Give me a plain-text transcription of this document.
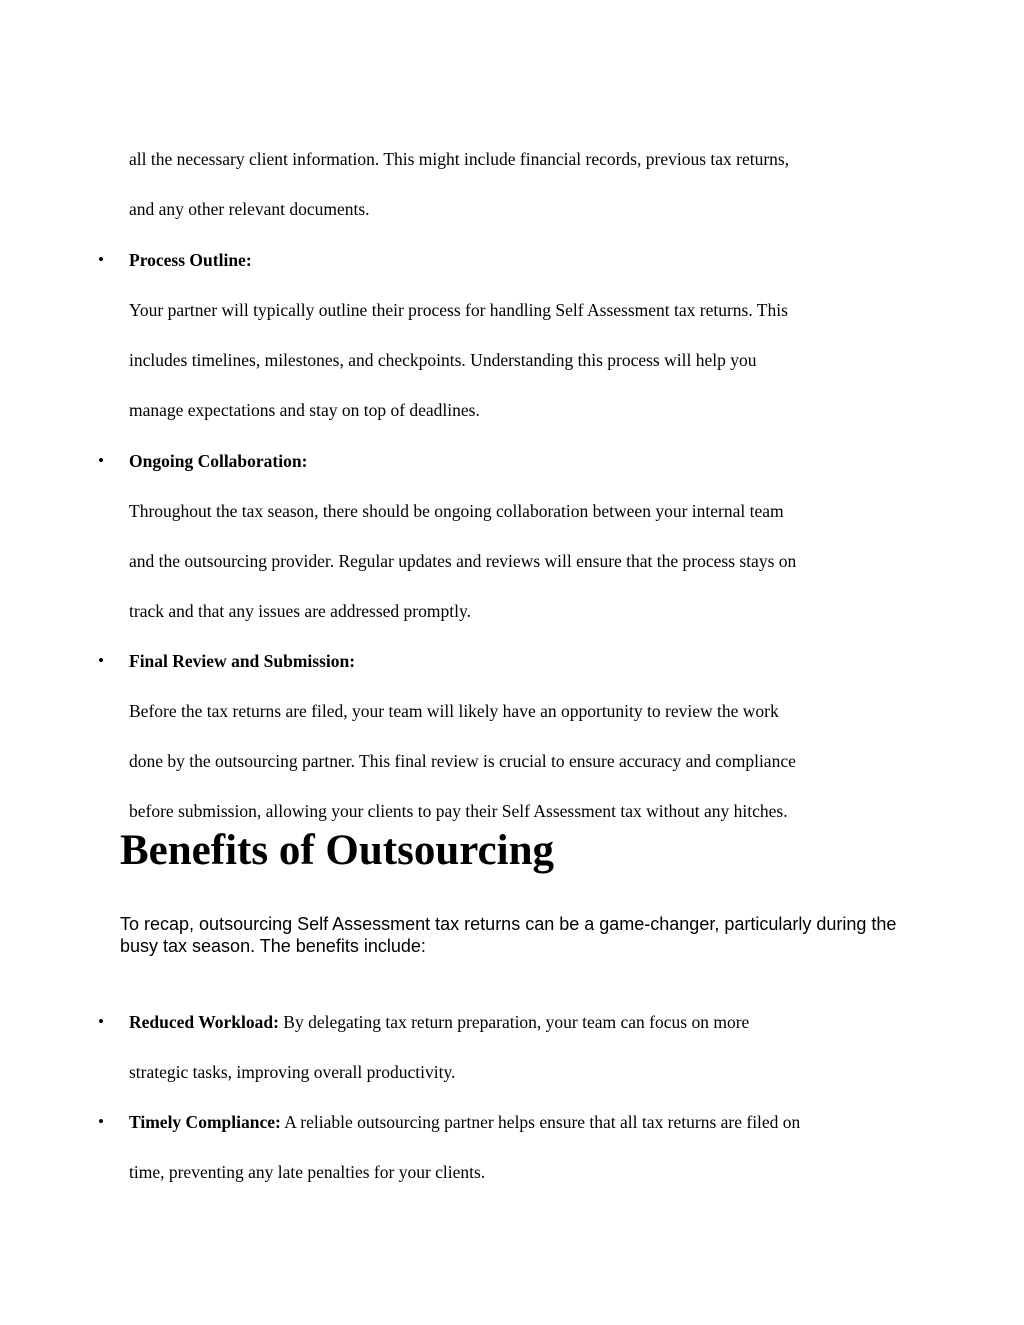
all the necessary client information. This might include financial records, previous tax returns,
and any other relevant documents.
• Process Outline:
Your partner will typically outline their process for handling Self Assessment tax returns. This
includes timelines, milestones, and checkpoints. Understanding this process will help you
manage expectations and stay on top of deadlines.
• Ongoing Collaboration:
Throughout the tax season, there should be ongoing collaboration between your internal team
and the outsourcing provider. Regular updates and reviews will ensure that the process stays on
track and that any issues are addressed promptly.
• Final Review and Submission:
Before the tax returns are filed, your team will likely have an opportunity to review the work
done by the outsourcing partner. This final review is crucial to ensure accuracy and compliance
before submission, allowing your clients to pay their Self Assessment tax without any hitches.
Benefits of Outsourcing
To recap, outsourcing Self Assessment tax returns can be a game-changer, particularly during the busy tax season. The benefits include:
• Reduced Workload: By delegating tax return preparation, your team can focus on more
strategic tasks, improving overall productivity.
• Timely Compliance: A reliable outsourcing partner helps ensure that all tax returns are filed on
time, preventing any late penalties for your clients.
